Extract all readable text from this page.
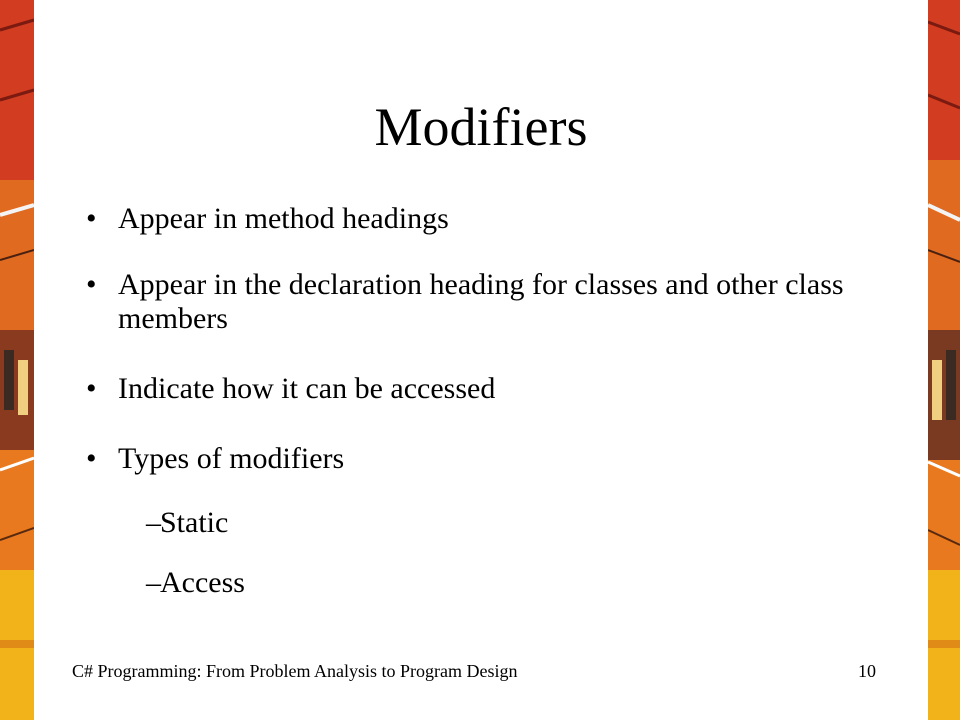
Modifiers
• Appear in method headings
• Appear in the declaration heading for classes and other class members
• Indicate how it can be accessed
• Types of modifiers
– Static
– Access
C# Programming: From Problem Analysis to Program Design	10
